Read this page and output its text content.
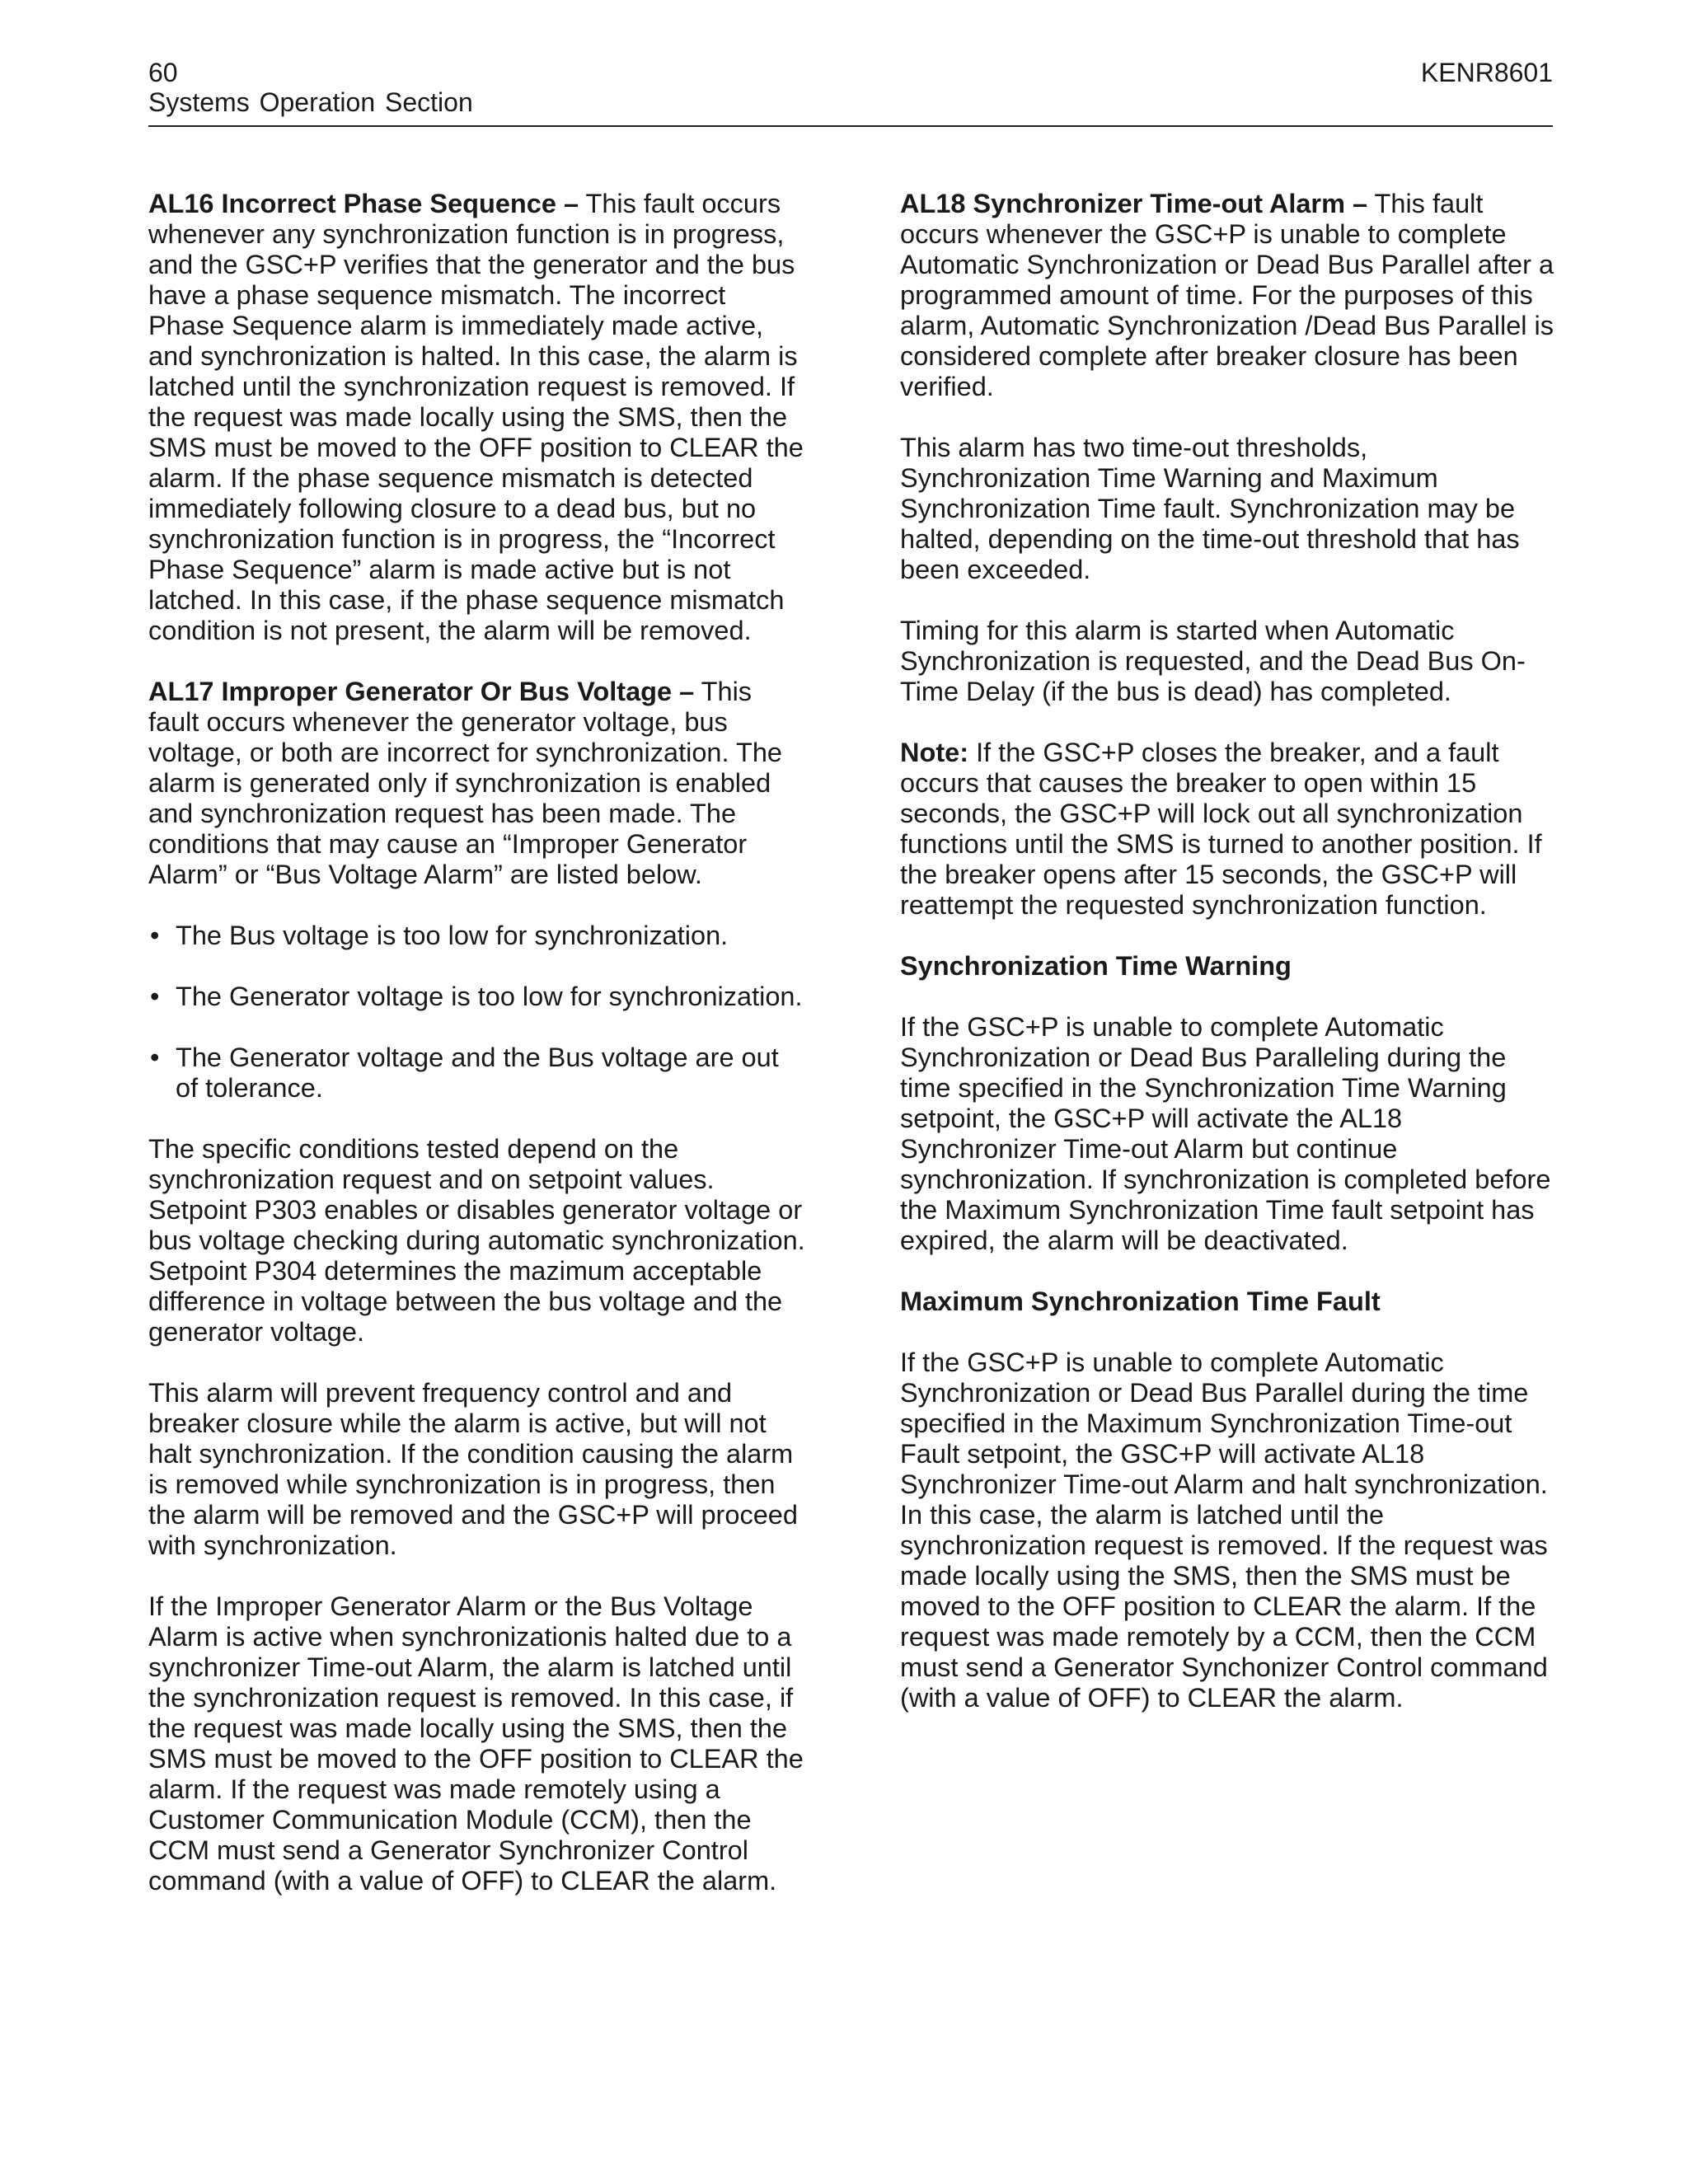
60	KENR8601
Systems Operation Section

AL16 Incorrect Phase Sequence – This fault occurs whenever any synchronization function is in progress, and the GSC+P verifies that the generator and the bus have a phase sequence mismatch. The incorrect Phase Sequence alarm is immediately made active, and synchronization is halted. In this case, the alarm is latched until the synchronization request is removed. If the request was made locally using the SMS, then the SMS must be moved to the OFF position to CLEAR the alarm. If the phase sequence mismatch is detected immediately following closure to a dead bus, but no synchronization function is in progress, the “Incorrect Phase Sequence” alarm is made active but is not latched. In this case, if the phase sequence mismatch condition is not present, the alarm will be removed.

AL17 Improper Generator Or Bus Voltage – This fault occurs whenever the generator voltage, bus voltage, or both are incorrect for synchronization. The alarm is generated only if synchronization is enabled and synchronization request has been made. The conditions that may cause an “Improper Generator Alarm” or “Bus Voltage Alarm” are listed below.

• The Bus voltage is too low for synchronization.
• The Generator voltage is too low for synchronization.
• The Generator voltage and the Bus voltage are out of tolerance.

The specific conditions tested depend on the synchronization request and on setpoint values. Setpoint P303 enables or disables generator voltage or bus voltage checking during automatic synchronization. Setpoint P304 determines the mazimum acceptable difference in voltage between the bus voltage and the generator voltage.

This alarm will prevent frequency control and and breaker closure while the alarm is active, but will not halt synchronization. If the condition causing the alarm is removed while synchronization is in progress, then the alarm will be removed and the GSC+P will proceed with synchronization.

If the Improper Generator Alarm or the Bus Voltage Alarm is active when synchronizationis halted due to a synchronizer Time-out Alarm, the alarm is latched until the synchronization request is removed. In this case, if the request was made locally using the SMS, then the SMS must be moved to the OFF position to CLEAR the alarm. If the request was made remotely using a Customer Communication Module (CCM), then the CCM must send a Generator Synchronizer Control command (with a value of OFF) to CLEAR the alarm.

AL18 Synchronizer Time-out Alarm – This fault occurs whenever the GSC+P is unable to complete Automatic Synchronization or Dead Bus Parallel after a programmed amount of time. For the purposes of this alarm, Automatic Synchronization /Dead Bus Parallel is considered complete after breaker closure has been verified.

This alarm has two time-out thresholds, Synchronization Time Warning and Maximum Synchronization Time fault. Synchronization may be halted, depending on the time-out threshold that has been exceeded.

Timing for this alarm is started when Automatic Synchronization is requested, and the Dead Bus On-Time Delay (if the bus is dead) has completed.

Note: If the GSC+P closes the breaker, and a fault occurs that causes the breaker to open within 15 seconds, the GSC+P will lock out all synchronization functions until the SMS is turned to another position. If the breaker opens after 15 seconds, the GSC+P will reattempt the requested synchronization function.

Synchronization Time Warning

If the GSC+P is unable to complete Automatic Synchronization or Dead Bus Paralleling during the time specified in the Synchronization Time Warning setpoint, the GSC+P will activate the AL18 Synchronizer Time-out Alarm but continue synchronization. If synchronization is completed before the Maximum Synchronization Time fault setpoint has expired, the alarm will be deactivated.

Maximum Synchronization Time Fault

If the GSC+P is unable to complete Automatic Synchronization or Dead Bus Parallel during the time specified in the Maximum Synchronization Time-out Fault setpoint, the GSC+P will activate AL18 Synchronizer Time-out Alarm and halt synchronization. In this case, the alarm is latched until the synchronization request is removed. If the request was made locally using the SMS, then the SMS must be moved to the OFF position to CLEAR the alarm. If the request was made remotely by a CCM, then the CCM must send a Generator Synchonizer Control command (with a value of OFF) to CLEAR the alarm.
